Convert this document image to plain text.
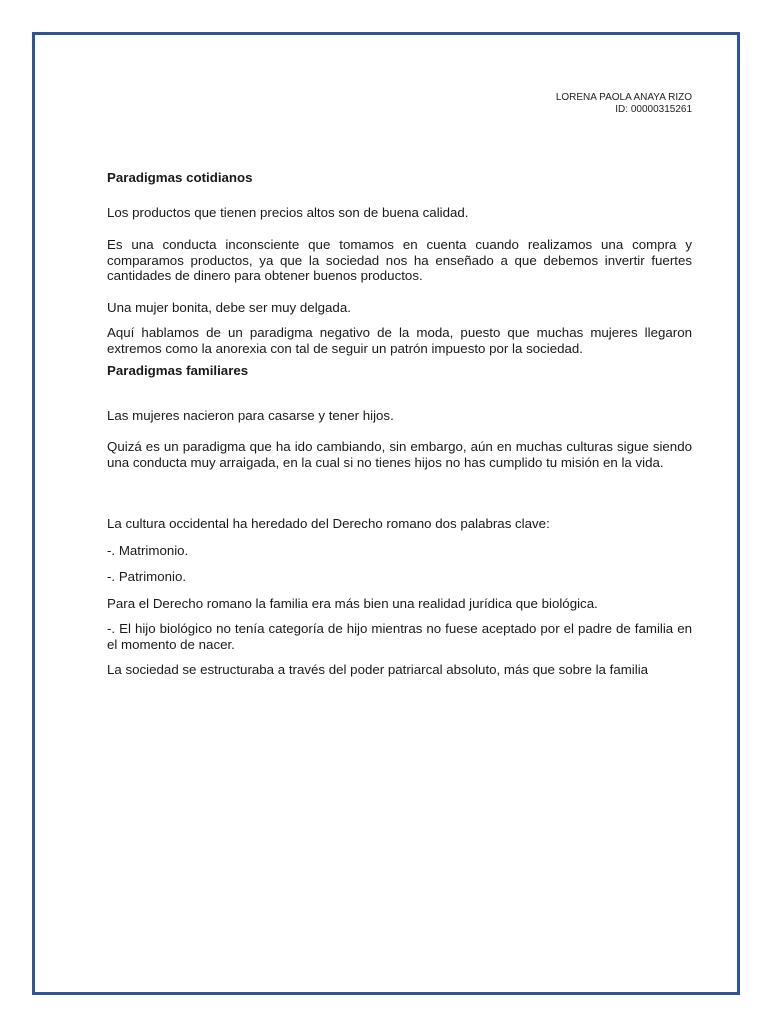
LORENA PAOLA ANAYA RIZO
ID: 00000315261

Paradigmas cotidianos

Los productos que tienen precios altos son de buena calidad.

Es una conducta inconsciente que tomamos en cuenta cuando realizamos una compra y comparamos productos, ya que la sociedad nos ha enseñado a que debemos invertir fuertes cantidades de dinero para obtener buenos productos.

Una mujer bonita, debe ser muy delgada.

Aquí hablamos de un paradigma negativo de la moda, puesto que muchas mujeres llegaron extremos como la anorexia con tal de seguir un patrón impuesto por la sociedad.

Paradigmas familiares

Las mujeres nacieron para casarse y tener hijos.

Quizá es un paradigma que ha ido cambiando, sin embargo, aún en muchas culturas sigue siendo una conducta muy arraigada, en la cual si no tienes hijos no has cumplido tu misión en la vida.

La cultura occidental ha heredado del Derecho romano dos palabras clave:

-. Matrimonio.

-. Patrimonio.

Para el Derecho romano la familia era más bien una realidad jurídica que biológica.

-. El hijo biológico no tenía categoría de hijo mientras no fuese aceptado por el padre de familia en el momento de nacer.

La sociedad se estructuraba a través del poder patriarcal absoluto, más que sobre la familia
